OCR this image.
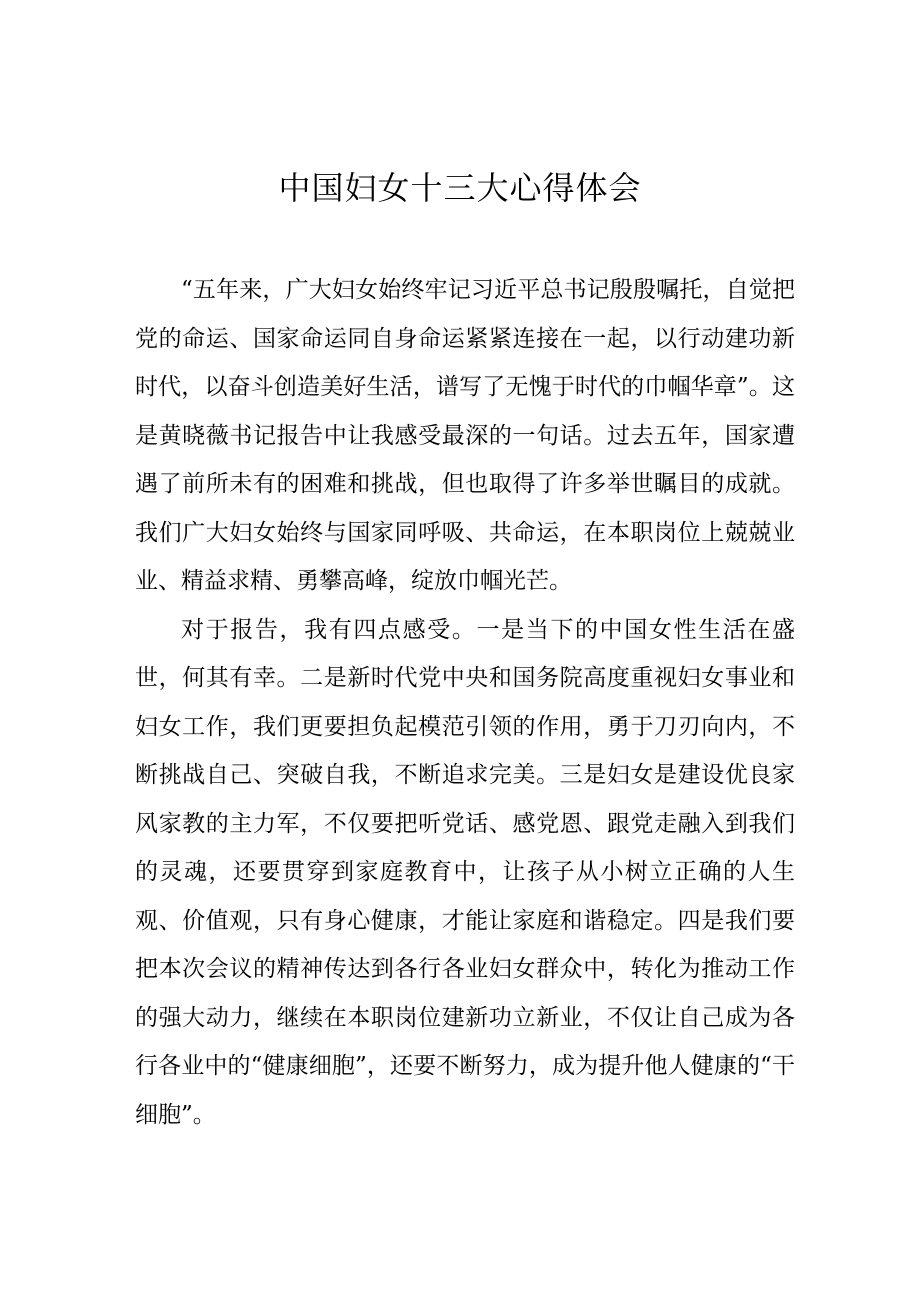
中国妇女十三大心得体会

“五年来，广大妇女始终牢记习近平总书记殷殷嘱托，自觉把党的命运、国家命运同自身命运紧紧连接在一起，以行动建功新时代，以奋斗创造美好生活，谱写了无愧于时代的巾帼华章”。这是黄晓薇书记报告中让我感受最深的一句话。过去五年，国家遭遇了前所未有的困难和挑战，但也取得了许多举世瞩目的成就。我们广大妇女始终与国家同呼吸、共命运，在本职岗位上兢兢业业、精益求精、勇攀高峰，绽放巾帼光芒。

对于报告，我有四点感受。一是当下的中国女性生活在盛世，何其有幸。二是新时代党中央和国务院高度重视妇女事业和妇女工作，我们更要担负起模范引领的作用，勇于刀刃向内，不断挑战自己、突破自我，不断追求完美。三是妇女是建设优良家风家教的主力军，不仅要把听党话、感党恩、跟党走融入到我们的灵魂，还要贯穿到家庭教育中，让孩子从小树立正确的人生观、价值观，只有身心健康，才能让家庭和谐稳定。四是我们要把本次会议的精神传达到各行各业妇女群众中，转化为推动工作的强大动力，继续在本职岗位建新功立新业，不仅让自己成为各行各业中的“健康细胞”，还要不断努力，成为提升他人健康的“干细胞”。
